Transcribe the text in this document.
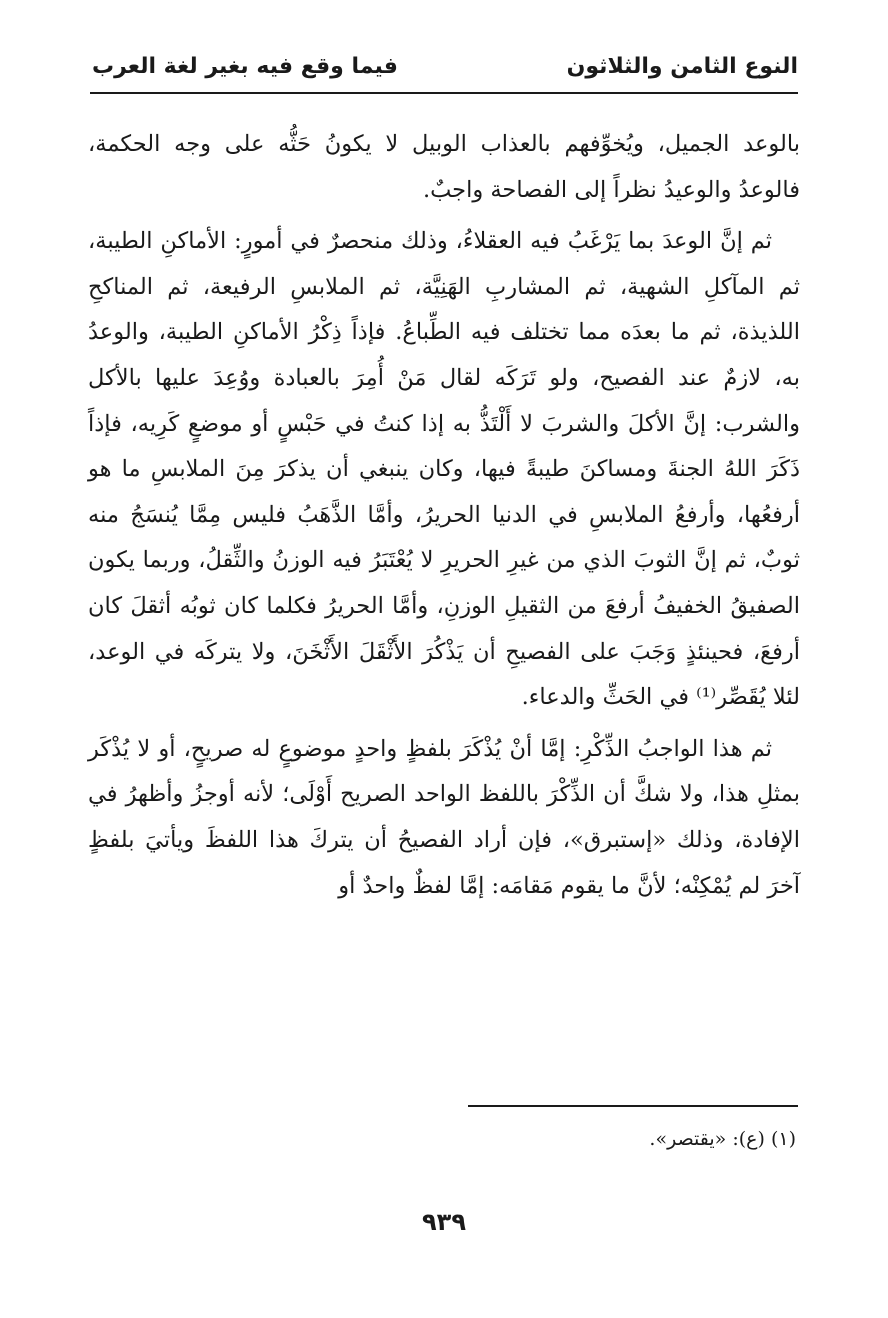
النوع الثامن والثلاثون
فيما وقع فيه بغير لغة العرب

بالوعد الجميل، ويُخوِّفهم بالعذاب الوبيل لا يكونُ حَثُّه على وجه الحكمة، فالوعدُ والوعيدُ نظراً إلى الفصاحة واجبٌ.

ثم إنَّ الوعدَ بما يَرْغَبُ فيه العقلاءُ، وذلك منحصرٌ في أمورٍ: الأماكنِ الطيبة، ثم المآكلِ الشهية، ثم المشاربِ الهَنِيَّة، ثم الملابسِ الرفيعة، ثم المناكحِ اللذيذة، ثم ما بعدَه مما تختلف فيه الطِّباعُ. فإذاً ذِكْرُ الأماكنِ الطيبة، والوعدُ به، لازمٌ عند الفصيح، ولو تَرَكَه لقال مَنْ أُمِرَ بالعبادة ووُعِدَ عليها بالأكل والشرب: إنَّ الأكلَ والشربَ لا أَلْتَذُّ به إذا كنتُ في حَبْسٍ أو موضعٍ كَرِيه، فإذاً ذَكَرَ اللهُ الجنةَ ومساكنَ طيبةً فيها، وكان ينبغي أن يذكرَ مِنَ الملابسِ ما هو أرفعُها، وأرفعُ الملابسِ في الدنيا الحريرُ، وأمَّا الذَّهَبُ فليس مِمَّا يُنسَجُ منه ثوبٌ، ثم إنَّ الثوبَ الذي من غيرِ الحريرِ لا يُعْتَبَرُ فيه الوزنُ والثِّقلُ، وربما يكون الصفيقُ الخفيفُ أرفعَ من الثقيلِ الوزنِ، وأمَّا الحريرُ فكلما كان ثوبُه أثقلَ كان أرفعَ، فحينئذٍ وَجَبَ على الفصيحِ أن يَذْكُرَ الأَثْقَلَ الأَثْخَنَ، ولا يتركَه في الوعد، لئلا يُقَصِّر⁽¹⁾ في الحَثِّ والدعاء.

ثم هذا الواجبُ الذِّكْرِ: إمَّا أنْ يُذْكَرَ بلفظٍ واحدٍ موضوعٍ له صريحٍ، أو لا يُذْكَر بمثلِ هذا، ولا شكَّ أن الذِّكْرَ باللفظ الواحد الصريح أَوْلَى؛ لأنه أوجزُ وأظهرُ في الإفادة، وذلك «إستبرق»، فإن أراد الفصيحُ أن يتركَ هذا اللفظَ ويأتيَ بلفظٍ آخرَ لم يُمْكِنْه؛ لأنَّ ما يقوم مَقامَه: إمَّا لفظٌ واحدٌ أو

(١) (ع): «يقتصر».
٩٣٩
